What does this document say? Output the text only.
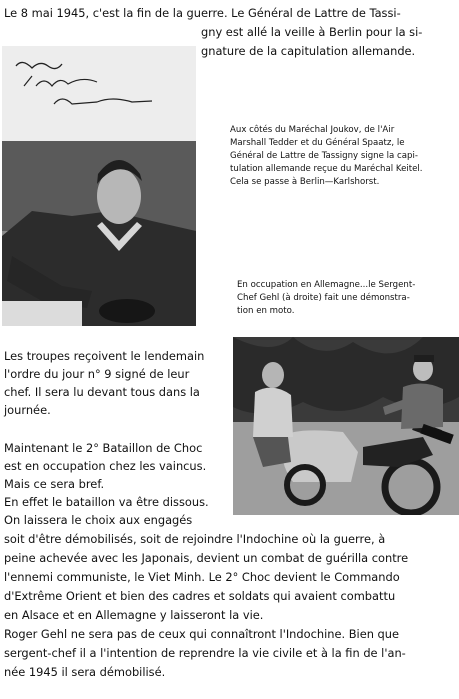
Le 8 mai 1945, c'est la fin de la guerre. Le Général de Lattre de Tassi-
gny est allé la veille à Berlin pour la si-
gnature de la capitulation allemande.
Aux côtés du Maréchal Joukov, de l'Air
Marshall Tedder et du Général Spaatz, le
Général de Lattre de Tassigny signe la capi-
tulation allemande reçue du Maréchal Keitel.
Cela se passe à Berlin—Karlshorst.
En occupation en Allemagne...le Sergent-
Chef Gehl (à droite) fait une démonstra-
tion en moto.
Les troupes reçoivent le lendemain
l'ordre du jour n° 9 signé de leur
chef. Il sera lu devant tous dans la
journée.
Maintenant le 2° Bataillon de Choc
est en occupation chez les vaincus.
Mais ce sera bref.
En effet le bataillon va être dissous.
On laissera le choix aux engagés
soit d'être démobilisés, soit de rejoindre l'Indochine où la guerre, à
peine achevée avec les Japonais, devient un combat de guérilla contre
l'ennemi communiste, le Viet Minh. Le 2° Choc devient le Commando
d'Extrême Orient et bien des cadres et soldats qui avaient combattu
en Alsace et en Allemagne y laisseront la vie.
Roger Gehl ne sera pas de ceux qui connaîtront l'Indochine. Bien que
sergent-chef il a l'intention de reprendre la vie civile et à la fin de l'an-
née 1945 il sera démobilisé.
